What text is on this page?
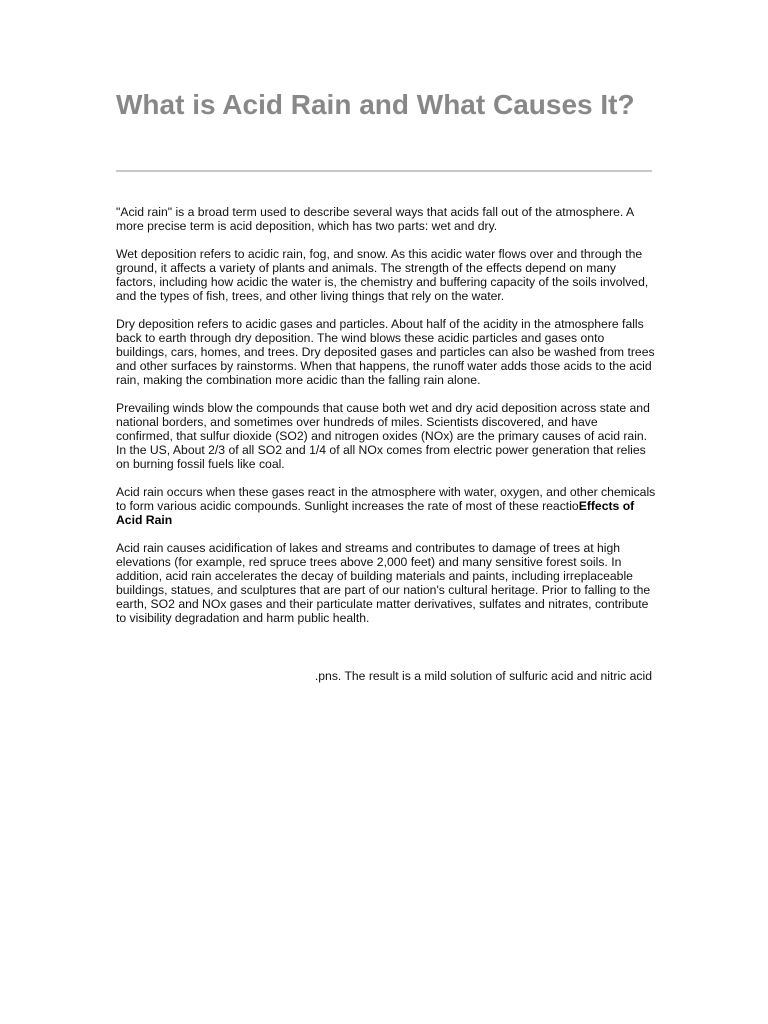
What is Acid Rain and What Causes It?

"Acid rain" is a broad term used to describe several ways that acids fall out of the atmosphere. A more precise term is acid deposition, which has two parts: wet and dry.

Wet deposition refers to acidic rain, fog, and snow. As this acidic water flows over and through the ground, it affects a variety of plants and animals. The strength of the effects depend on many factors, including how acidic the water is, the chemistry and buffering capacity of the soils involved, and the types of fish, trees, and other living things that rely on the water.

Dry deposition refers to acidic gases and particles. About half of the acidity in the atmosphere falls back to earth through dry deposition. The wind blows these acidic particles and gases onto buildings, cars, homes, and trees. Dry deposited gases and particles can also be washed from trees and other surfaces by rainstorms. When that happens, the runoff water adds those acids to the acid rain, making the combination more acidic than the falling rain alone.

Prevailing winds blow the compounds that cause both wet and dry acid deposition across state and national borders, and sometimes over hundreds of miles. Scientists discovered, and have confirmed, that sulfur dioxide (SO2) and nitrogen oxides (NOx) are the primary causes of acid rain. In the US, About 2/3 of all SO2 and 1/4 of all NOx comes from electric power generation that relies on burning fossil fuels like coal.

Acid rain occurs when these gases react in the atmosphere with water, oxygen, and other chemicals to form various acidic compounds. Sunlight increases the rate of most of these reactioEffects of Acid Rain

Acid rain causes acidification of lakes and streams and contributes to damage of trees at high elevations (for example, red spruce trees above 2,000 feet) and many sensitive forest soils. In addition, acid rain accelerates the decay of building materials and paints, including irreplaceable buildings, statues, and sculptures that are part of our nation's cultural heritage. Prior to falling to the earth, SO2 and NOx gases and their particulate matter derivatives, sulfates and nitrates, contribute to visibility degradation and harm public health.

.pns. The result is a mild solution of sulfuric acid and nitric acid
